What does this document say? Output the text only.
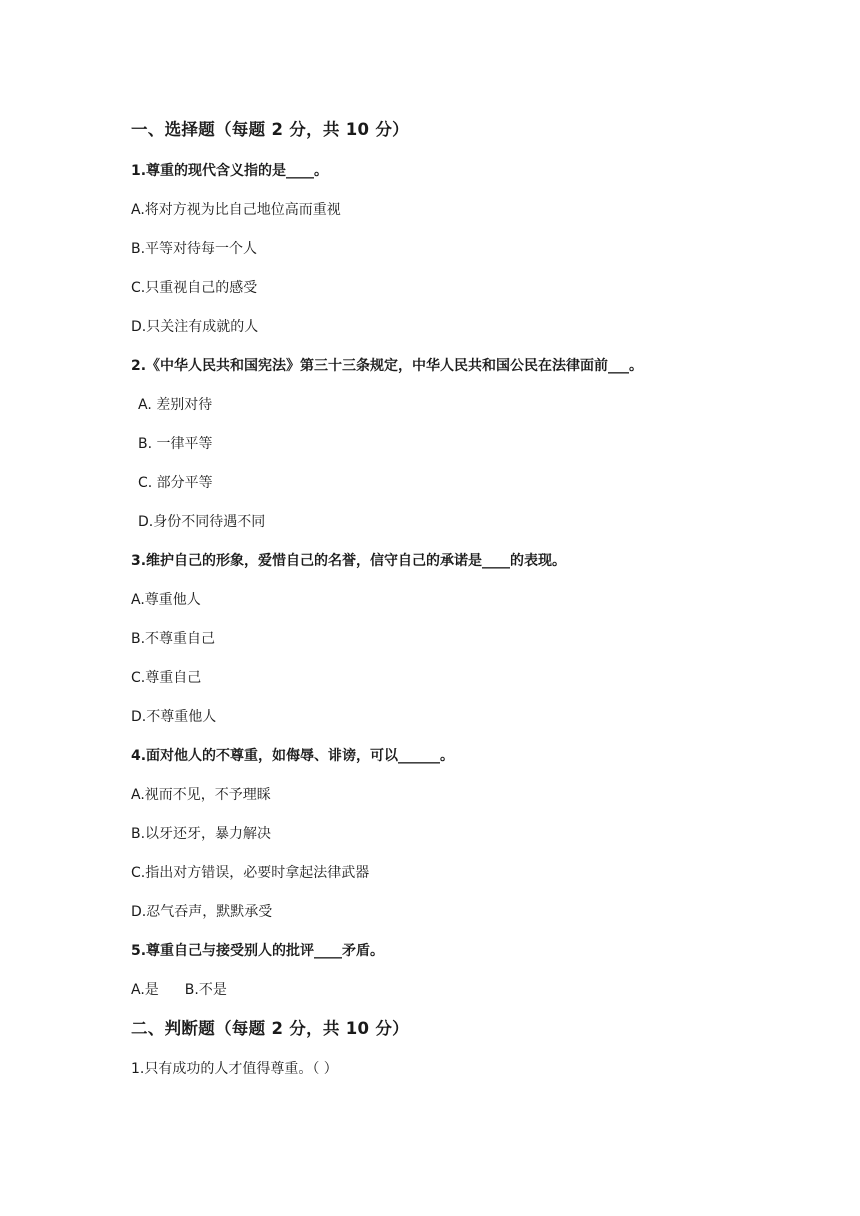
一、选择题（每题 2 分，共 10 分）
1.尊重的现代含义指的是____。
A.将对方视为比自己地位高而重视
B.平等对待每一个人
C.只重视自己的感受
D.只关注有成就的人
2.《中华人民共和国宪法》第三十三条规定，中华人民共和国公民在法律面前___。
A. 差别对待
B. 一律平等
C. 部分平等
D.身份不同待遇不同
3.维护自己的形象，爱惜自己的名誉，信守自己的承诺是____的表现。
A.尊重他人
B.不尊重自己
C.尊重自己
D.不尊重他人
4.面对他人的不尊重，如侮辱、诽谤，可以______。
A.视而不见，不予理睬
B.以牙还牙，暴力解决
C.指出对方错误，必要时拿起法律武器
D.忍气吞声，默默承受
5.尊重自己与接受别人的批评____矛盾。
A.是 B.不是
二、判断题（每题 2 分，共 10 分）
1.只有成功的人才值得尊重。（ ）
